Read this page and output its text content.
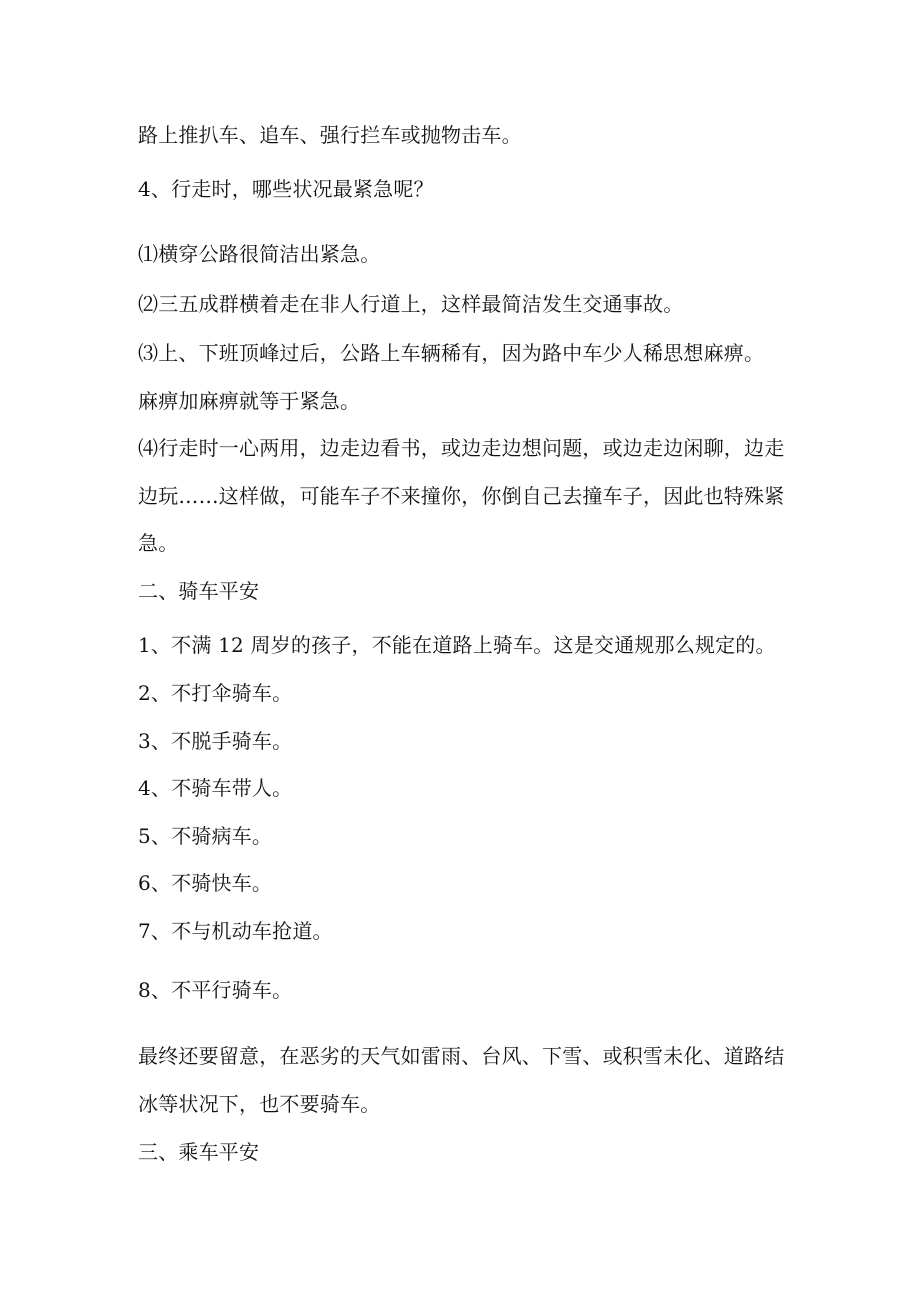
路上推扒车、追车、强行拦车或抛物击车。
4、行走时，哪些状况最紧急呢？
⑴横穿公路很简洁出紧急。
⑵三五成群横着走在非人行道上，这样最简洁发生交通事故。
⑶上、下班顶峰过后，公路上车辆稀有，因为路中车少人稀思想麻痹。
麻痹加麻痹就等于紧急。
⑷行走时一心两用，边走边看书，或边走边想问题，或边走边闲聊，边走
边玩……这样做，可能车子不来撞你，你倒自己去撞车子，因此也特殊紧
急。
二、骑车平安
1、不满 12 周岁的孩子，不能在道路上骑车。这是交通规那么规定的。
2、不打伞骑车。
3、不脱手骑车。
4、不骑车带人。
5、不骑病车。
6、不骑快车。
7、不与机动车抢道。
8、不平行骑车。
最终还要留意，在恶劣的天气如雷雨、台风、下雪、或积雪未化、道路结
冰等状况下，也不要骑车。
三、乘车平安
